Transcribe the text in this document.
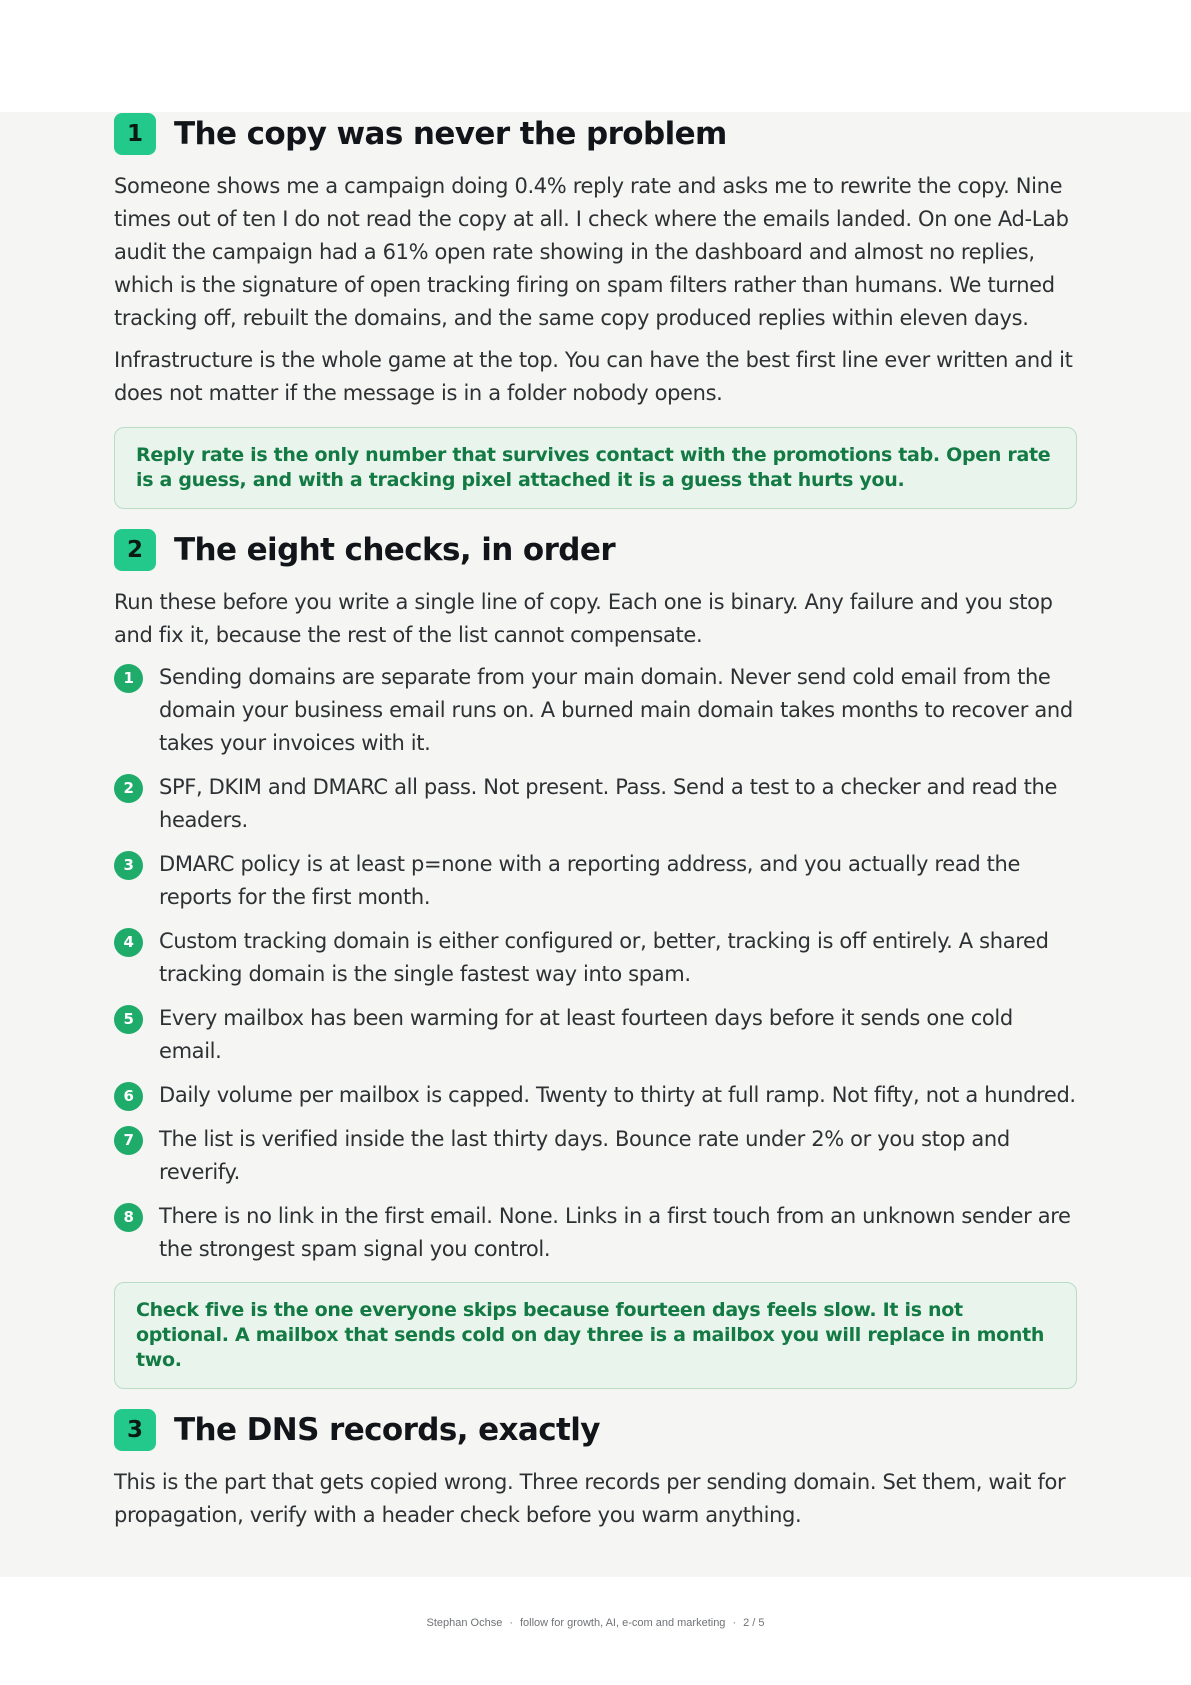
1	The copy was never the problem

Someone shows me a campaign doing 0.4% reply rate and asks me to rewrite the copy. Nine times out of ten I do not read the copy at all. I check where the emails landed. On one Ad-Lab audit the campaign had a 61% open rate showing in the dashboard and almost no replies, which is the signature of open tracking firing on spam filters rather than humans. We turned tracking off, rebuilt the domains, and the same copy produced replies within eleven days.

Infrastructure is the whole game at the top. You can have the best first line ever written and it does not matter if the message is in a folder nobody opens.

Reply rate is the only number that survives contact with the promotions tab. Open rate is a guess, and with a tracking pixel attached it is a guess that hurts you.
2	The eight checks, in order

Run these before you write a single line of copy. Each one is binary. Any failure and you stop and fix it, because the rest of the list cannot compensate.

1	Sending domains are separate from your main domain. Never send cold email from the domain your business email runs on. A burned main domain takes months to recover and takes your invoices with it.
2	SPF, DKIM and DMARC all pass. Not present. Pass. Send a test to a checker and read the headers.
3	DMARC policy is at least p=none with a reporting address, and you actually read the reports for the first month.
4	Custom tracking domain is either configured or, better, tracking is off entirely. A shared tracking domain is the single fastest way into spam.
5	Every mailbox has been warming for at least fourteen days before it sends one cold email.
6	Daily volume per mailbox is capped. Twenty to thirty at full ramp. Not fifty, not a hundred.
7	The list is verified inside the last thirty days. Bounce rate under 2% or you stop and reverify.
8	There is no link in the first email. None. Links in a first touch from an unknown sender are the strongest spam signal you control.
Check five is the one everyone skips because fourteen days feels slow. It is not optional. A mailbox that sends cold on day three is a mailbox you will replace in month two.
3	The DNS records, exactly

This is the part that gets copied wrong. Three records per sending domain. Set them, wait for propagation, verify with a header check before you warm anything.

Stephan Ochse · follow for growth, AI, e-com and marketing · 2 / 5
